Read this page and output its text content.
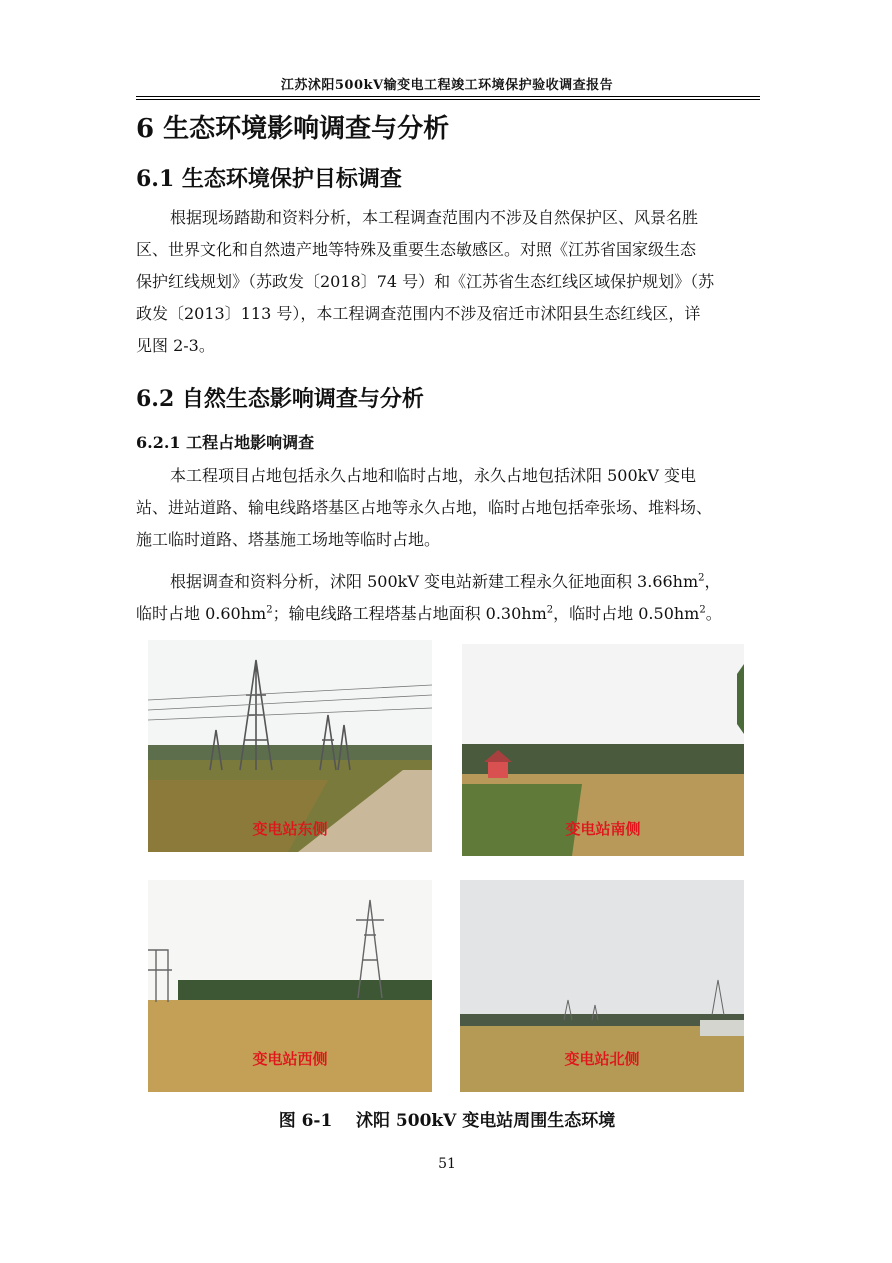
江苏沭阳500kV输变电工程竣工环境保护验收调查报告
6 生态环境影响调查与分析
6.1 生态环境保护目标调查
根据现场踏勘和资料分析，本工程调查范围内不涉及自然保护区、风景名胜
区、世界文化和自然遗产地等特殊及重要生态敏感区。对照《江苏省国家级生态
保护红线规划》（苏政发〔2018〕74 号）和《江苏省生态红线区域保护规划》（苏
政发〔2013〕113 号），本工程调查范围内不涉及宿迁市沭阳县生态红线区，详
见图 2-3。
6.2 自然生态影响调查与分析
6.2.1 工程占地影响调查
本工程项目占地包括永久占地和临时占地，永久占地包括沭阳 500kV 变电
站、进站道路、输电线路塔基区占地等永久占地，临时占地包括牵张场、堆料场、
施工临时道路、塔基施工场地等临时占地。
根据调查和资料分析，沭阳 500kV 变电站新建工程永久征地面积 $3.66hm^2$，
临时占地 $0.60hm^2$；输电线路工程塔基占地面积 $0.30hm^2$，临时占地 $0.50hm^2$。
变电站东侧	变电站南侧
变电站西侧	变电站北侧
图 6-1    沭阳 500kV 变电站周围生态环境
51
